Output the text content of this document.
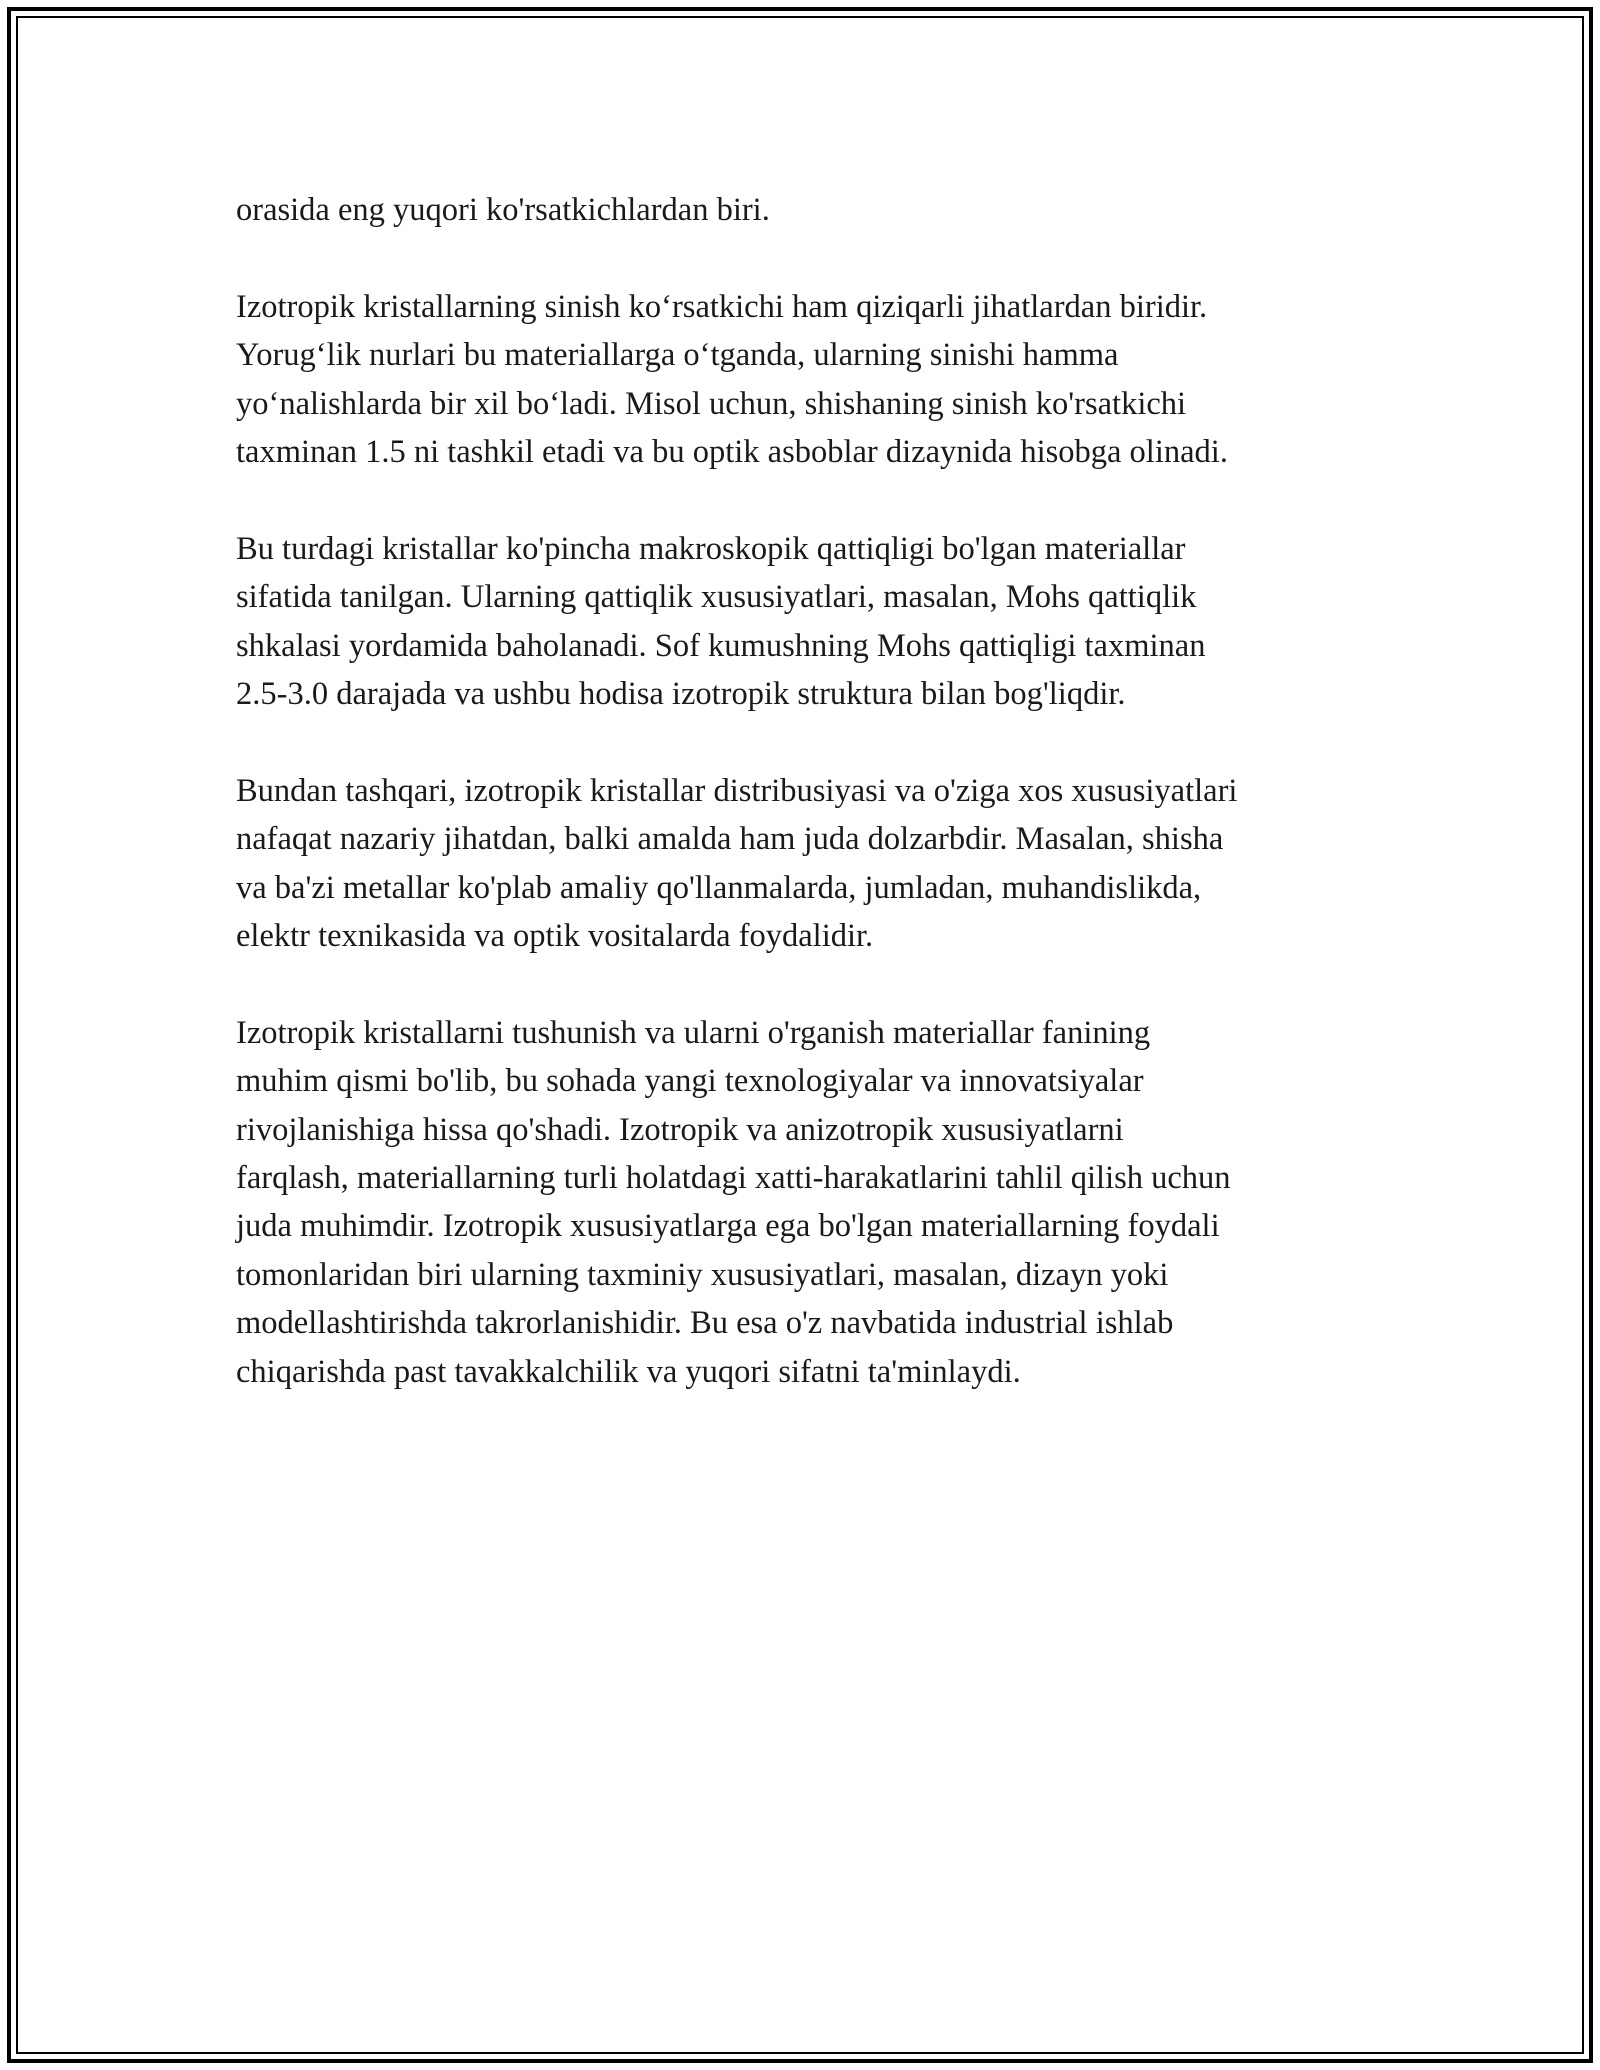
orasida eng yuqori ko'rsatkichlardan biri.

Izotropik kristallarning sinish ko‘rsatkichi ham qiziqarli jihatlardan biridir.
Yorug‘lik nurlari bu materiallarga o‘tganda, ularning sinishi hamma
yo‘nalishlarda bir xil bo‘ladi. Misol uchun, shishaning sinish ko'rsatkichi
taxminan 1.5 ni tashkil etadi va bu optik asboblar dizaynida hisobga olinadi.

Bu turdagi kristallar ko'pincha makroskopik qattiqligi bo'lgan materiallar
sifatida tanilgan. Ularning qattiqlik xususiyatlari, masalan, Mohs qattiqlik
shkalasi yordamida baholanadi. Sof kumushning Mohs qattiqligi taxminan
2.5-3.0 darajada va ushbu hodisa izotropik struktura bilan bog'liqdir.

Bundan tashqari, izotropik kristallar distribusiyasi va o'ziga xos xususiyatlari
nafaqat nazariy jihatdan, balki amalda ham juda dolzarbdir. Masalan, shisha
va ba'zi metallar ko'plab amaliy qo'llanmalarda, jumladan, muhandislikda,
elektr texnikasida va optik vositalarda foydalidir.

Izotropik kristallarni tushunish va ularni o'rganish materiallar fanining
muhim qismi bo'lib, bu sohada yangi texnologiyalar va innovatsiyalar
rivojlanishiga hissa qo'shadi. Izotropik va anizotropik xususiyatlarni
farqlash, materiallarning turli holatdagi xatti-harakatlarini tahlil qilish uchun
juda muhimdir. Izotropik xususiyatlarga ega bo'lgan materiallarning foydali
tomonlaridan biri ularning taxminiy xususiyatlari, masalan, dizayn yoki
modellashtirishda takrorlanishidir. Bu esa o'z navbatida industrial ishlab
chiqarishda past tavakkalchilik va yuqori sifatni ta'minlaydi.
